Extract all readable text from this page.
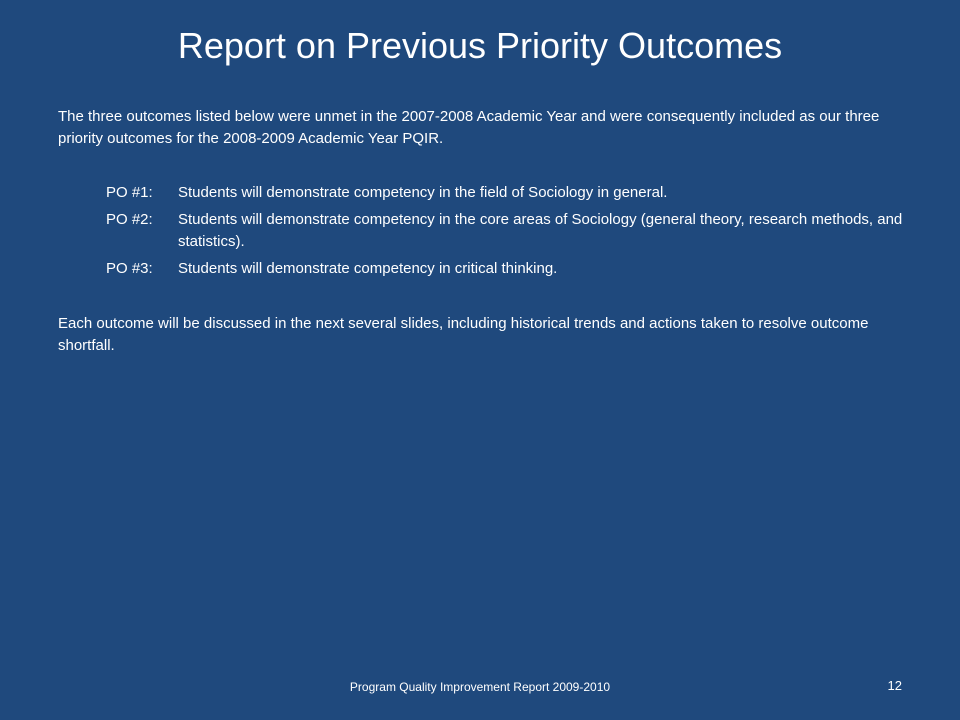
Report on Previous Priority Outcomes

The three outcomes listed below were unmet in the 2007-2008 Academic Year and were consequently included as our three priority outcomes for the 2008-2009 Academic Year PQIR.

PO #1:	Students will demonstrate competency in the field of Sociology in general.
PO #2:	Students will demonstrate competency in the core areas of Sociology (general theory, research methods, and statistics).
PO #3:	Students will demonstrate competency in critical thinking.

Each outcome will be discussed in the next several slides, including historical trends and actions taken to resolve outcome shortfall.

Program Quality Improvement Report 2009-2010	12
